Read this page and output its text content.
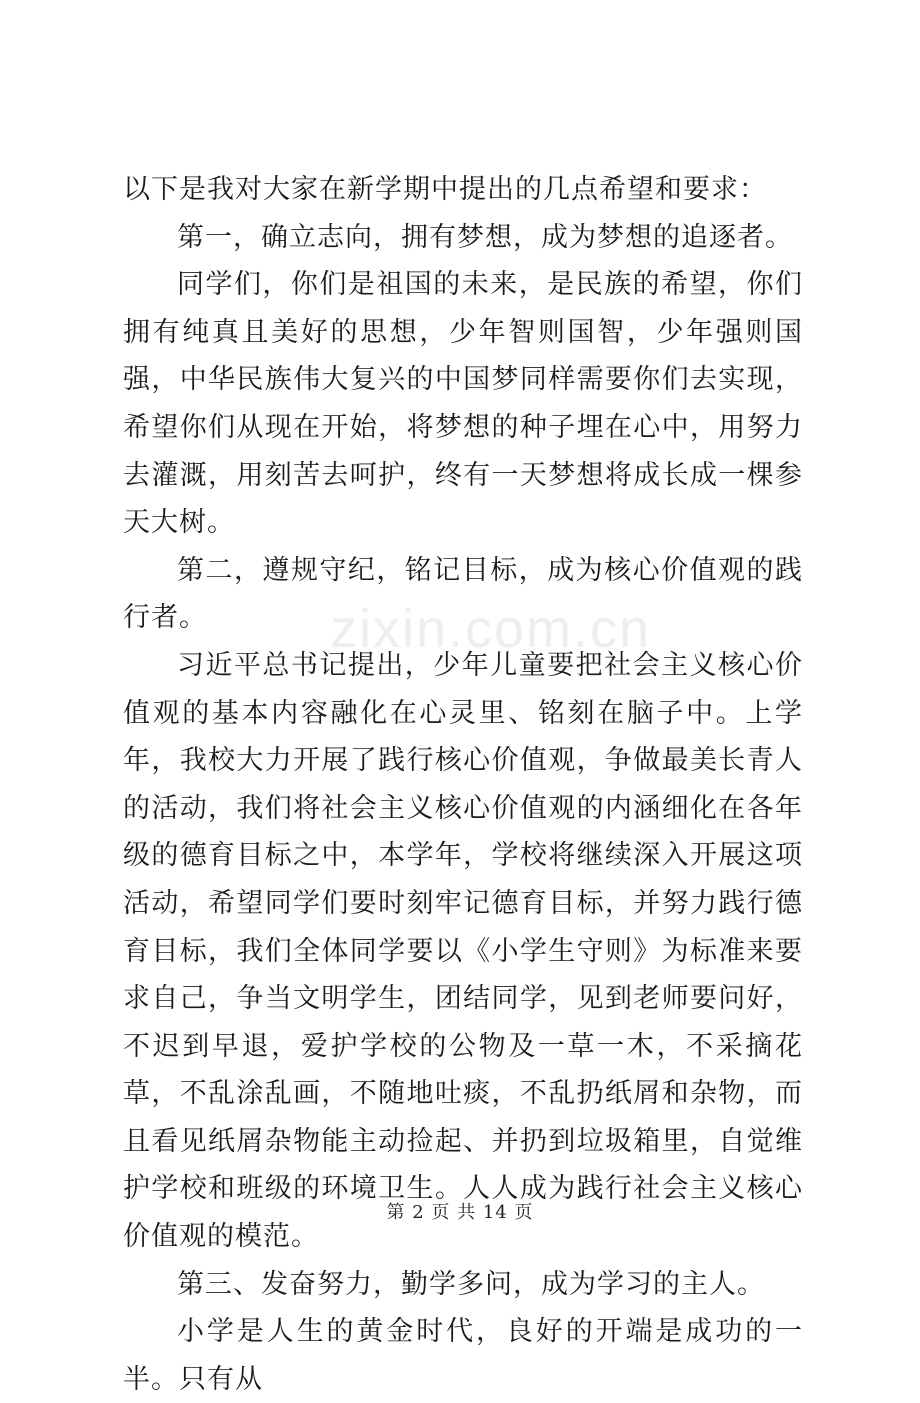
以下是我对大家在新学期中提出的几点希望和要求：

第一，确立志向，拥有梦想，成为梦想的追逐者。

同学们，你们是祖国的未来，是民族的希望，你们拥有纯真且美好的思想，少年智则国智，少年强则国强，中华民族伟大复兴的中国梦同样需要你们去实现，希望你们从现在开始，将梦想的种子埋在心中，用努力去灌溉，用刻苦去呵护，终有一天梦想将成长成一棵参天大树。

第二，遵规守纪，铭记目标，成为核心价值观的践行者。

习近平总书记提出，少年儿童要把社会主义核心价值观的基本内容融化在心灵里、铭刻在脑子中。上学年，我校大力开展了践行核心价值观，争做最美长青人的活动，我们将社会主义核心价值观的内涵细化在各年级的德育目标之中，本学年，学校将继续深入开展这项活动，希望同学们要时刻牢记德育目标，并努力践行德育目标，我们全体同学要以《小学生守则》为标准来要求自己，争当文明学生，团结同学，见到老师要问好，不迟到早退，爱护学校的公物及一草一木，不采摘花草，不乱涂乱画，不随地吐痰，不乱扔纸屑和杂物，而且看见纸屑杂物能主动捡起、并扔到垃圾箱里，自觉维护学校和班级的环境卫生。人人成为践行社会主义核心价值观的模范。

第三、发奋努力，勤学多问，成为学习的主人。

小学是人生的黄金时代，良好的开端是成功的一半。只有从

zixin.com.cn
第 2 页 共 14 页
